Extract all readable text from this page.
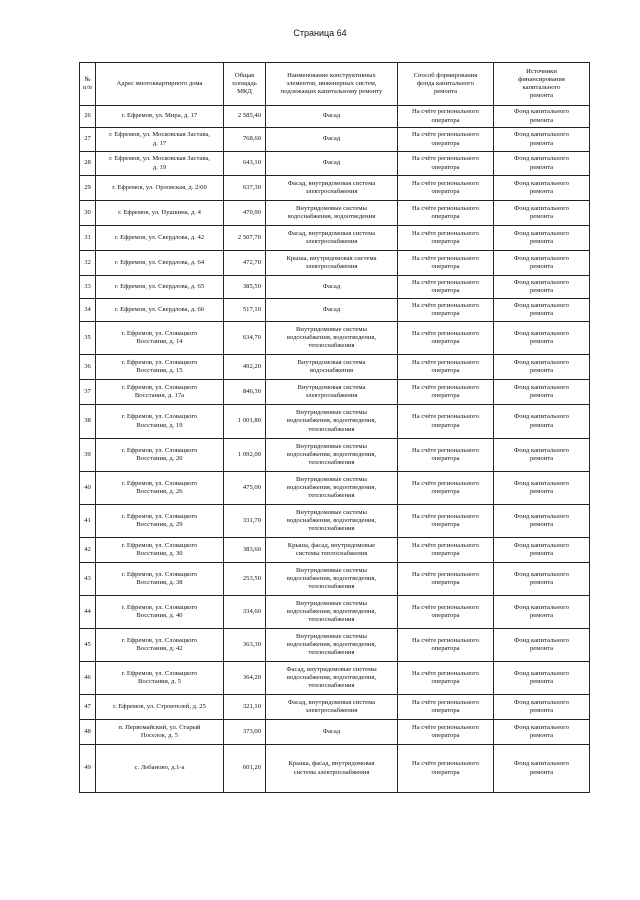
Страница 64
№
п/п	Адрес многоквартирного дома	Общая
площадь
МКД	Наименование конструктивных
элементов, инженерных систем,
подлежащих капитальному ремонту	Способ формирования
фонда капитального
ремонта	Источники
финансирования
капитального
ремонта
26	г. Ефремов, ул. Мира, д. 17	2 585,40	Фасад	На счёте регионального
оператора	Фонд капитального
ремонта
27	г. Ефремов, ул. Московская Застава,
д. 17	768,60	Фасад	На счёте регионального
оператора	Фонд капитального
ремонта
28	г. Ефремов, ул. Московская Застава,
д. 19	643,10	Фасад	На счёте регионального
оператора	Фонд капитального
ремонта
29	г. Ефремов, ул. Орловская, д. 2/60	637,30	Фасад, внутридомовая система
электроснабжения	На счёте регионального
оператора	Фонд капитального
ремонта
30	г. Ефремов, ул. Пушкина, д. 4	470,90	Внутридомовые системы
водоснабжения, водоотведения	На счёте регионального
оператора	Фонд капитального
ремонта
31	г. Ефремов, ул. Свердлова, д. 42	2 507,70	Фасад, внутридомовая система
электроснабжения	На счёте регионального
оператора	Фонд капитального
ремонта
32	г. Ефремов, ул. Свердлова, д. 64	472,70	Крыша, внутридомовая система
электроснабжения	На счёте регионального
оператора	Фонд капитального
ремонта
33	г. Ефремов, ул. Свердлова, д. 65	385,50	Фасад	На счёте регионального
оператора	Фонд капитального
ремонта
34	г. Ефремов, ул. Свердлова, д. 66	517,10	Фасад	На счёте регионального
оператора	Фонд капитального
ремонта
35	г. Ефремов, ул. Словацкого
Восстания, д. 14	634,70	Внутридомовые системы
водоснабжения, водоотведения,
теплоснабжения	На счёте регионального
оператора	Фонд капитального
ремонта
36	г. Ефремов, ул. Словацкого
Восстания, д. 15	492,20	Внутридомовая система
водоснабжения	На счёте регионального
оператора	Фонд капитального
ремонта
37	г. Ефремов, ул. Словацкого
Восстания, д. 17а	846,30	Внутридомовая система
электроснабжения	На счёте регионального
оператора	Фонд капитального
ремонта
38	г. Ефремов, ул. Словацкого
Восстания, д. 19	1 001,80	Внутридомовые системы
водоснабжения, водоотведения,
теплоснабжения	На счёте регионального
оператора	Фонд капитального
ремонта
39	г. Ефремов, ул. Словацкого
Восстания, д. 20	1 092,00	Внутридомовые системы
водоснабжения, водоотведения,
теплоснабжения	На счёте регионального
оператора	Фонд капитального
ремонта
40	г. Ефремов, ул. Словацкого
Восстания, д. 26	475,00	Внутридомовые системы
водоснабжения, водоотведения,
теплоснабжения	На счёте регионального
оператора	Фонд капитального
ремонта
41	г. Ефремов, ул. Словацкого
Восстания, д. 29	331,70	Внутридомовые системы
водоснабжения, водоотведения,
теплоснабжения	На счёте регионального
оператора	Фонд капитального
ремонта
42	г. Ефремов, ул. Словацкого
Восстания, д. 30	383,60	Крыша, фасад, внутридомовые
системы теплоснабжения	На счёте регионального
оператора	Фонд капитального
ремонта
43	г. Ефремов, ул. Словацкого
Восстания, д. 38	253,50	Внутридомовые системы
водоснабжения, водоотведения,
теплоснабжения	На счёте регионального
оператора	Фонд капитального
ремонта
44	г. Ефремов, ул. Словацкого
Восстания, д. 40	334,60	Внутридомовые системы
водоснабжения, водоотведения,
теплоснабжения	На счёте регионального
оператора	Фонд капитального
ремонта
45	г. Ефремов, ул. Словацкого
Восстания, д. 42	363,30	Внутридомовые системы
водоснабжения, водоотведения,
теплоснабжения	На счёте регионального
оператора	Фонд капитального
ремонта
46	г. Ефремов, ул. Словацкого
Восстания, д. 5	364,20	Фасад, внутридомовые системы
водоснабжения, водоотведения,
теплоснабжения	На счёте регионального
оператора	Фонд капитального
ремонта
47	г. Ефремов, ул. Строителей, д. 25	321,10	Фасад, внутридомовая система
электроснабжения	На счёте регионального
оператора	Фонд капитального
ремонта
48	п. Первомайский, ул. Старый
Поселок, д. 5	373,00	Фасад	На счёте регионального
оператора	Фонд капитального
ремонта
49	с. Лобаново, д.1-а	601,20	Крыша, фасад, внутридомовая
система электроснабжения	На счёте регионального
оператора	Фонд капитального
ремонта
